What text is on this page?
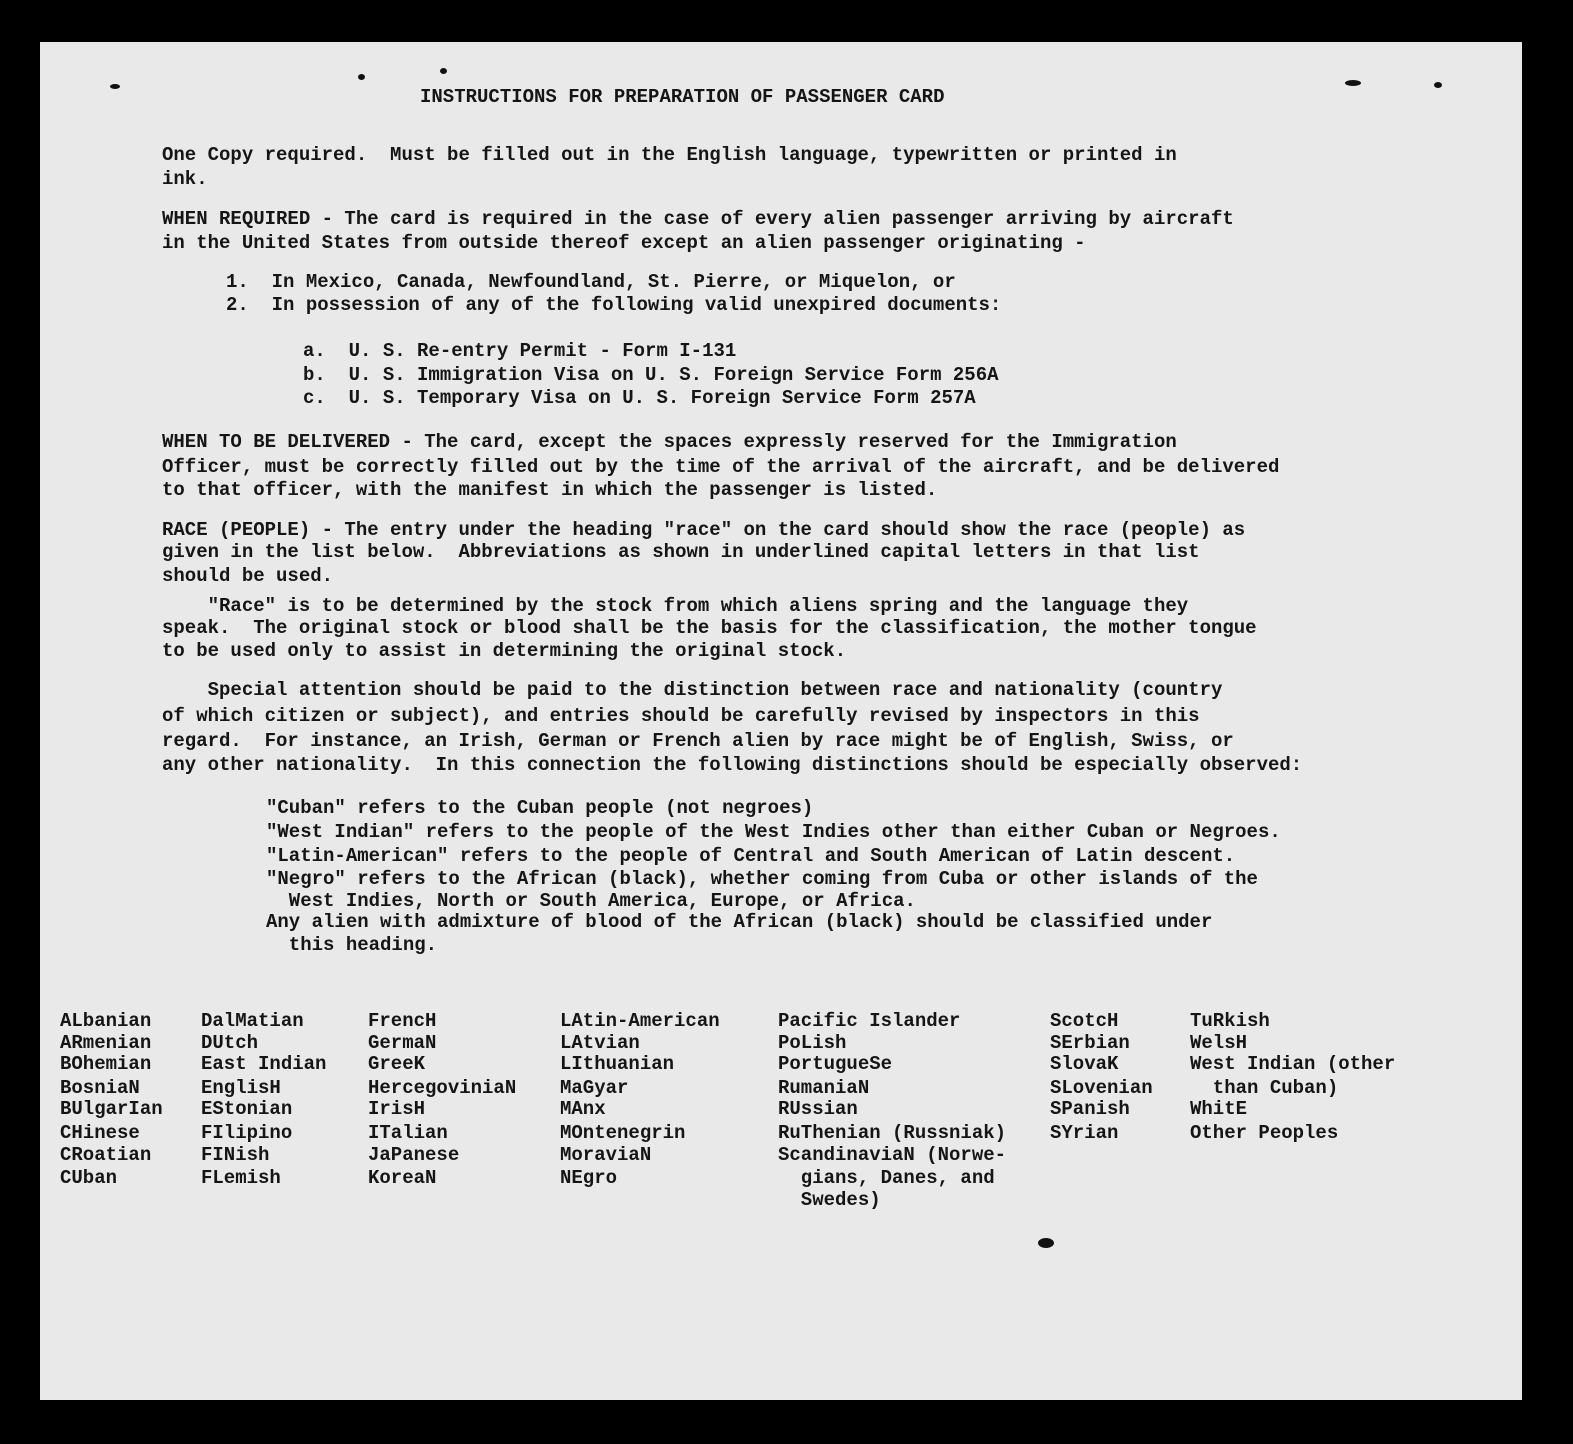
INSTRUCTIONS FOR PREPARATION OF PASSENGER CARD
One Copy required.  Must be filled out in the English language, typewritten or printed in
ink.
WHEN REQUIRED - The card is required in the case of every alien passenger arriving by aircraft
in the United States from outside thereof except an alien passenger originating -
1.  In Mexico, Canada, Newfoundland, St. Pierre, or Miquelon, or
2.  In possession of any of the following valid unexpired documents:
a.  U. S. Re-entry Permit - Form I-131
b.  U. S. Immigration Visa on U. S. Foreign Service Form 256A
c.  U. S. Temporary Visa on U. S. Foreign Service Form 257A
WHEN TO BE DELIVERED - The card, except the spaces expressly reserved for the Immigration
Officer, must be correctly filled out by the time of the arrival of the aircraft, and be delivered
to that officer, with the manifest in which the passenger is listed.
RACE (PEOPLE) - The entry under the heading "race" on the card should show the race (people) as
given in the list below.  Abbreviations as shown in underlined capital letters in that list
should be used.
"Race" is to be determined by the stock from which aliens spring and the language they
speak.  The original stock or blood shall be the basis for the classification, the mother tongue
to be used only to assist in determining the original stock.
Special attention should be paid to the distinction between race and nationality (country
of which citizen or subject), and entries should be carefully revised by inspectors in this
regard.  For instance, an Irish, German or French alien by race might be of English, Swiss, or
any other nationality.  In this connection the following distinctions should be especially observed:
"Cuban" refers to the Cuban people (not negroes)
"West Indian" refers to the people of the West Indies other than either Cuban or Negroes.
"Latin-American" refers to the people of Central and South American of Latin descent.
"Negro" refers to the African (black), whether coming from Cuba or other islands of the
West Indies, North or South America, Europe, or Africa.
Any alien with admixture of blood of the African (black) should be classified under
this heading.
ALbanian
ARmenian
BOhemian
BosniaN
BUlgarIan
CHinese
CRoatian
CUban
DalMatian
DUtch
East Indian
EnglisH
EStonian
FIlipino
FINish
FLemish
FrencH
GermaN
GreeK
HercegoviniaN
IrisH
ITalian
JaPanese
KoreaN
LAtin-American
LAtvian
LIthuanian
MaGyar
MAnx
MOntenegrin
MoraviaN
NEgro
Pacific Islander
PoLish
PortugueSe
RumaniaN
RUssian
RuThenian (Russniak)
ScandinaviaN (Norwe-
gians, Danes, and
Swedes)
ScotcH
SErbian
SlovaK
SLovenian
SPanish
SYrian
TuRkish
WelsH
West Indian (other
than Cuban)
WhitE
Other Peoples
